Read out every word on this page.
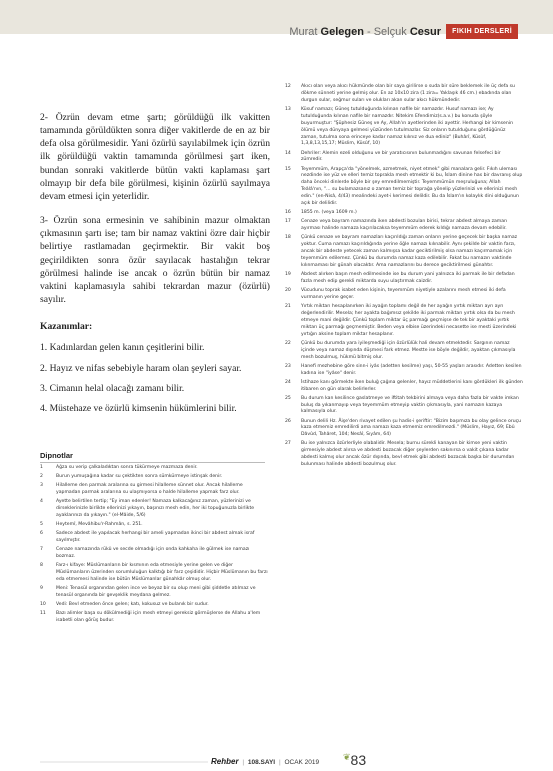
Murat Gelegen - Selçuk Cesur	FIKIH DERSLERİ

2- Özrün devam etme şartı; görüldüğü ilk vakitten tamamında görüldükten sonra diğer vakitlerde de en az bir defa olsa görülmesidir. Yani özürlü sayılabilmek için özrün ilk görüldüğü vaktin tamamında görülmesi şart iken, bundan sonraki vakitlerde bütün vakti kaplaması şart olmayıp bir defa bile görülmesi, kişinin özürlü sayılmaya devam etmesi için yeterlidir.

3- Özrün sona ermesinin ve sahibinin mazur olmaktan çıkmasının şartı ise; tam bir namaz vaktini özre dair hiçbir belirtiye rastlamadan geçirmektir. Bir vakit boş geçirildikten sonra özür sayılacak hastalığın tekrar görülmesi halinde ise ancak o özrün bütün bir namaz vaktini kaplamasıyla sahibi tekrardan mazur (özürlü) sayılır.

Kazanımlar:
1. Kadınlardan gelen kanın çeşitlerini bilir.
2. Hayız ve nifas sebebiyle haram olan şeyleri sayar.
3. Cimanın helal olacağı zamanı bilir.
4. Müstehaze ve özürlü kimsenin hükümlerini bilir.
Dipnotlar
1	Ağza su verip çalkaladıktan sonra tükürmeye mazmaza denir.
2	Burun yumuşağına kadar su çektikten sonra sümkürmeye istinşak denir.
3	Hilalleme den parmak aralarına su girmesi hilalleme sünnet olur. Ancak hilalleme yapmadan parmak aralarına su ulaşmıyorsa o halde hilalleme yapmak farz olur.
4	Ayette belirtilen tertip; "Ey iman edenler! Namaza kalkacağınız zaman, yüzlerinizi ve dirseklerinizle birlikte ellerinizi yıkayın, başınızı mesh edin, her iki topuğunuzla birlikte ayaklarınızı da yıkayın." (el-Mâide, 5/6)
5	Heytemî, Mevâhibu'r-Rahmân, s. 251.
6	Sadece abdest ile yapılacak herhangi bir ameli yapmadan ikinci bir abdest almak israf sayılmıştır.
7	Cenaze namazında rükû ve secde olmadığı için onda kahkaha ile gülmek ise namazı bozmaz.
8	Farz-ı kifaye: Müslümanların bir kısmının eda etmesiyle yerine gelen ve diğer Müslümanların üzerinden sorumluluğun kalktığı bir farz çeşididir. Hiçbir Müslümanın bu farzı eda etmemesi halinde ise bütün Müslümanlar günahkâr olmuş olur.
9	Meni: Tenasül organından gelen ince ve beyaz bir su olup meni gibi şiddetle atılmaz ve tenasül organında bir gevşeklik meydana gelmez.
10	Vedi: Bevl etmeden önce gelen; katı, kokusuz ve bulanık bir sudur.
11	Bazı alimler başa su dökülmediği için mesh etmeyi gereksiz görmüşlerse de Allahu a'lem isabetli olan görüş budur.
12	Akıcı olan veya akıcı hükmünde olan bir saya girilirse o suda bir süre beklemek ile üç defa su dökme sünneti yerine gelmiş olur. En az 10x10 zira (1 zira= Yaklaşık 46 cm.) ebadında olan durgun sular, seğmur suları ve olukları akan sular akıcı hükmündedir.
13	Küsuf namazı; Güneş tutulduğunda kılınan nafile bir namazdır. Husuf namazı ise; Ay tutulduğunda kılınan nafile bir namazdır. Nitekim Efendimiz(s.a.v.) bu konuda şöyle buyurmuştur: "Şüphesiz Güneş ve Ay, Allah'ın ayetlerinden iki ayettir. Herhangi bir kimsenin ölümü veya dünyaya gelmesi yüzünden tutulmazlar. Siz onların tutulduğunu gördüğünüz zaman, tutulma sona erinceye kadar namaz kılınız ve dua ediniz" (Buhârî, Küsûf, 1,3,8,13,15,17; Müslim, Küsûf, 10)
14	Dehriler: Alemin ezeli olduğunu ve bir yaratıcısının bulunmadığını savunan felsefeci bir zümredir.
15	Teyemmüm, Arapça'da "yönelmek, azmetmek, niyet etmek" gibi manalara gelir. Fıkıh uleması nezdinde ise yüz ve elleri temiz toprakla mesh etmektir ki bu, İslam dinine has bir davranış olup daha önceki dinlerde böyle bir şey emredilmemiştir. Teyemmümün meşruluğuna; Allah Teâlâ'nın, "... su bulamazsanız o zaman temiz bir toprağa yönelip yüzlerinizi ve ellerinizi mesh edin." (en-Nisâ, 4/43) mealindeki ayet-i kerimesi delildir. Bu da İslam'ın kolaylık dini olduğunun açık bir delilidir.
16	1855 m. (veya 1609 m.)
17	Cenaze veya bayram namazında iken abdesti bozulan birisi, tekrar abdest almaya zaman ayırması halinde namaza kaçırılacaksa teyemmüm ederek kıldığı namaza devam edebilir.
18	Çünkü cenaze ve bayram namazları kaçırıldığı zaman onların yerine geçecek bir başka namaz yoktur. Cuma namazı kaçırıldığında yerine öğle namazı kılınabilir. Aynı şekilde bir vaktin farzı, ancak bir abdeste yetecek zaman kalmışsa kadar geciktirilmiş olsa namazı kaçırmamak için teyemmüm edilemez. Çünkü bu durumda namaz kaza edilebilir. Fakat bu namazın vaktinde kılınmaması bir günah olacaktır. Ama namazlarını bu derece geciktirilmesi günahtır.
19	Abdest alırken başın mesh edilmesinde ise bu durum yani yalnızca iki parmak ile bir defadan fazla mesh edip gerekli miktarda suyu ulaştırmak caizdir.
20	Vücudunu toprak isabet eden kişinin, teyemmüm niyetiyle azalarını mesh etmesi iki defa vurmanın yerine geçer.
21	Yırtık miktarı hesaplanırken iki ayağın toplamı değil de her ayağın yırtık miktarı ayrı ayrı değerlendirilir. Mesela; her ayakta bağımsız şekilde iki parmak miktarı yırtık olsa da bu mesh etmeye mani değildir. Çünkü toplam miktar üç parmağı geçmişse de tek bir ayaktaki yırtık miktarı üç parmağı geçmemiştir. Beden veya elbise üzerindeki necasette ise mesti üzerindeki yırtığın aksine toplam miktar hesaplanır.
22	Çünkü bu durumda yara iyileşmediği için özürlülük hali devam etmektedir. Sargının namaz içinde veya namaz dışında düşmesi fark etmez. Mestte ise böyle değildir, ayaktan çıkmasıyla mesh bozulmuş, hükmü bitmiş olur.
23	Hanefi mezhebine göre sinn-i iyâs (adetten kesilme) yaşı, 50-55 yaşları arasıdır. Adetten kesilen kadına ise "iyâse" denir.
24	İstihaze kanı görmekte iken buluğ çağına gelenler, hayız müddetlerini kanı gördükleri ilk günden itibaren on gün olarak belirlerler.
25	Bu durum kan kesilince gaslatmeye ve iftitah tekbirini almaya veya daha fazla bir vakte imkan buluş da yıkanmayıp veya teyemmüm etmeyip vaktin çıkmasıyla, yani namazın kazaya kalmasıyla olur.
26	Bunun delili Hz. Âişe'den rivayet edilen şu hadis-i şeriftir: "Bizim başımıza bu olay gelince oruçu kaza etmemiz emredilirdi ama namazı kaza etmemiz emredilmezdi." (Müslim, Hayız, 69; Ebû Dâvûd, Tahâret, 104; Nesâî, Sıyâm, 64)
27	Bu ise yalnızca özürlerliyle olabalidir. Mesela; burnu sürekli kanayan bir kimse yeni vaktin girmesiyle abdest alırsa ve abdesti bozacak diğer şeylerden sakınırsa o vakit çıkana kadar abdesti kalmış olur ancak özür dışında, bevl etmek gibi abdesti bozacak başka bir durumdan bulunması halinde abdesti bozulmuş olur.
Rehber | 108.SAYI | OCAK 2019
❦83
